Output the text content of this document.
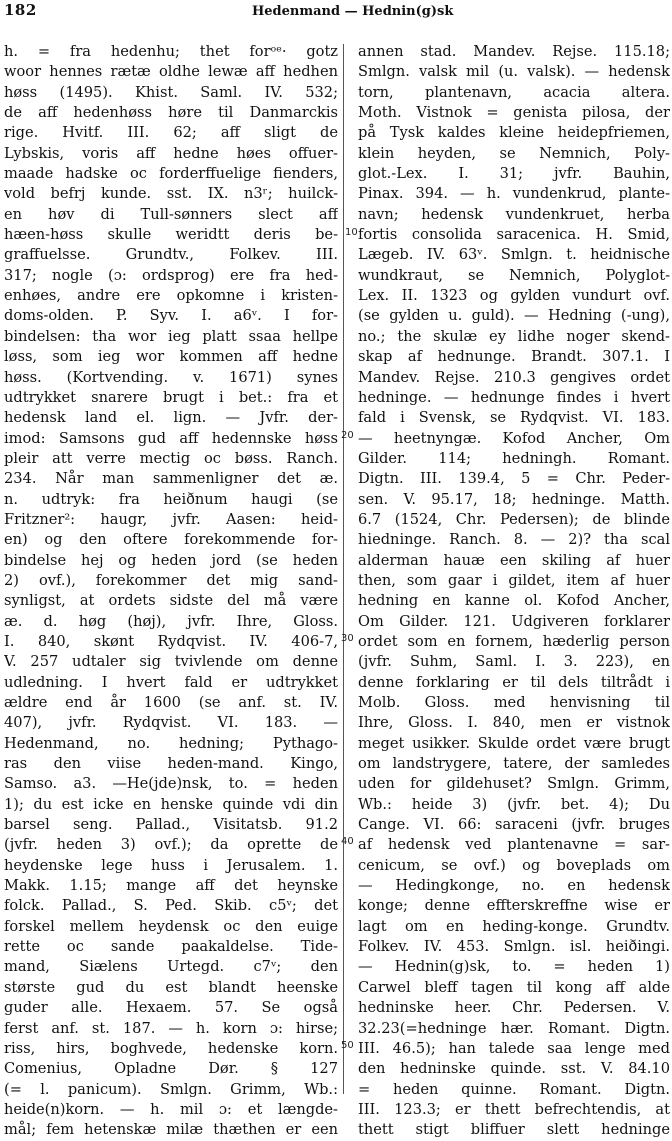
182	Hedenmand — Hednin(g)sk
h. = fra hedenhu; thet forᵒᵉ· gotz
woor hennes rætæ oldhe lewæ aff hedhen
høss (1495). Khist. Saml. IV. 532;
de aff hedenhøss høre til Danmarckis
rige. Hvitf. III. 62; aff sligt de
Lybskis, voris aff hedne høes offuer-
maade hadske oc forderffuelige fienders,
vold befrj kunde. sst. IX. n3ʳ; huilck-
en høv di Tull-sønners slect aff
hæen-høss skulle weridtt deris be-
graffuelsse. Grundtv., Folkev. III.
317; nogle (ɔ: ordsprog) ere fra hed-
enhøes, andre ere opkomne i kristen-
doms-olden. P. Syv. I. a6ᵛ. I for-
bindelsen: tha wor ieg platt ssaa hellpe
løss, som ieg wor kommen aff hedne
høss. (Kortvending. v. 1671) synes
udtrykket snarere brugt i bet.: fra et
hedensk land el. lign. — Jvfr. der-
imod: Samsons gud aff hedennske høss
pleir att verre mectig oc bøss. Ranch.
234. Når man sammenligner det æ.
n. udtryk: fra heiðnum haugi (se
Fritzner²: haugr, jvfr. Aasen: heid-
en) og den oftere forekommende for-
bindelse hej og heden jord (se heden
2) ovf.), forekommer det mig sand-
synligst, at ordets sidste del må være
æ. d. høg (høj), jvfr. Ihre, Gloss.
I. 840, skønt Rydqvist. IV. 406-7,
V. 257 udtaler sig tvivlende om denne
udledning. I hvert fald er udtrykket
ældre end år 1600 (se anf. st. IV.
407), jvfr. Rydqvist. VI. 183. —
Hedenmand, no. hedning; Pythago-
ras den viise heden-mand. Kingo,
Samso. a3. —He(jde)nsk, to. = heden
1); du est icke en henske quinde vdi din
barsel seng. Pallad., Visitatsb. 91.2
(jvfr. heden 3) ovf.); da oprette de
heydenske lege huss i Jerusalem. 1.
Makk. 1.15; mange aff det heynske
folck. Pallad., S. Ped. Skib. c5ᵛ; det
forskel mellem heydensk oc den euige
rette oc sande paakaldelse. Tide-
mand, Siælens Urtegd. c7ᵛ; den
største gud du est blandt heenske
guder alle. Hexaem. 57. Se også
ferst anf. st. 187. — h. korn ɔ: hirse;
riss, hirs, boghvede, hedenske korn.
Comenius, Opladne Dør. § 127
(= l. panicum). Smlgn. Grimm, Wb.:
heide(n)korn. — h. mil ɔ: et længde-
mål; fem hetenskæ milæ thæthen er een
annen stad. Mandev. Rejse. 115.18;
Smlgn. valsk mil (u. valsk). — hedensk
torn, plantenavn, acacia altera.
Moth. Vistnok = genista pilosa, der
på Tysk kaldes kleine heidepfriemen,
klein heyden, se Nemnich, Poly-
glot.-Lex. I. 31; jvfr. Bauhin,
Pinax. 394. — h. vundenkrud, plante-
navn; hedensk vundenkruet, herba
fortis consolida saracenica. H. Smid,
Lægeb. IV. 63ᵛ. Smlgn. t. heidnische
wundkraut, se Nemnich, Polyglot-
Lex. II. 1323 og gylden vundurt ovf.
(se gylden u. guld). — Hedning (-ung),
no.; the skulæ ey lidhe noger skend-
skap af hednunge. Brandt. 307.1. I
Mandev. Rejse. 210.3 gengives ordet
hedninge. — hednunge findes i hvert
fald i Svensk, se Rydqvist. VI. 183.
— heetnyngæ. Kofod Ancher, Om
Gilder. 114; hedningh. Romant.
Digtn. III. 139.4, 5 = Chr. Peder-
sen. V. 95.17, 18; hedninge. Matth.
6.7 (1524, Chr. Pedersen); de blinde
hiedninge. Ranch. 8. — 2)? tha scal
alderman hauæ een skiling af huer
then, som gaar i gildet, item af huer
hedning en kanne ol. Kofod Ancher,
Om Gilder. 121. Udgiveren forklarer
ordet som en fornem, hæderlig person
(jvfr. Suhm, Saml. I. 3. 223), en
denne forklaring er til dels tiltrådt i
Molb. Gloss. med henvisning til
Ihre, Gloss. I. 840, men er vistnok
meget usikker. Skulde ordet være brugt
om landstrygere, tatere, der samledes
uden for gildehuset? Smlgn. Grimm,
Wb.: heide 3) (jvfr. bet. 4); Du
Cange. VI. 66: saraceni (jvfr. bruges
af hedensk ved plantenavne = sar-
cenicum, se ovf.) og boveplads om
— Hedingkonge, no. en hedensk
konge; denne effterskreffne wise er
lagt om en heding-konge. Grundtv.
Folkev. IV. 453. Smlgn. isl. heiðingi.
— Hednin(g)sk, to. = heden 1)
Carwel bleff tagen til kong aff alde
hedninske heer. Chr. Pedersen. V.
32.23(=hedninge hær. Romant. Digtn.
III. 46.5); han talede saa lenge med
den hedninske quinde. sst. V. 84.10
= heden quinne. Romant. Digtn.
III. 123.3; er thett befrechtendis, at
thett stigt bliffuer slett hedninge
10
20
30
40
50
